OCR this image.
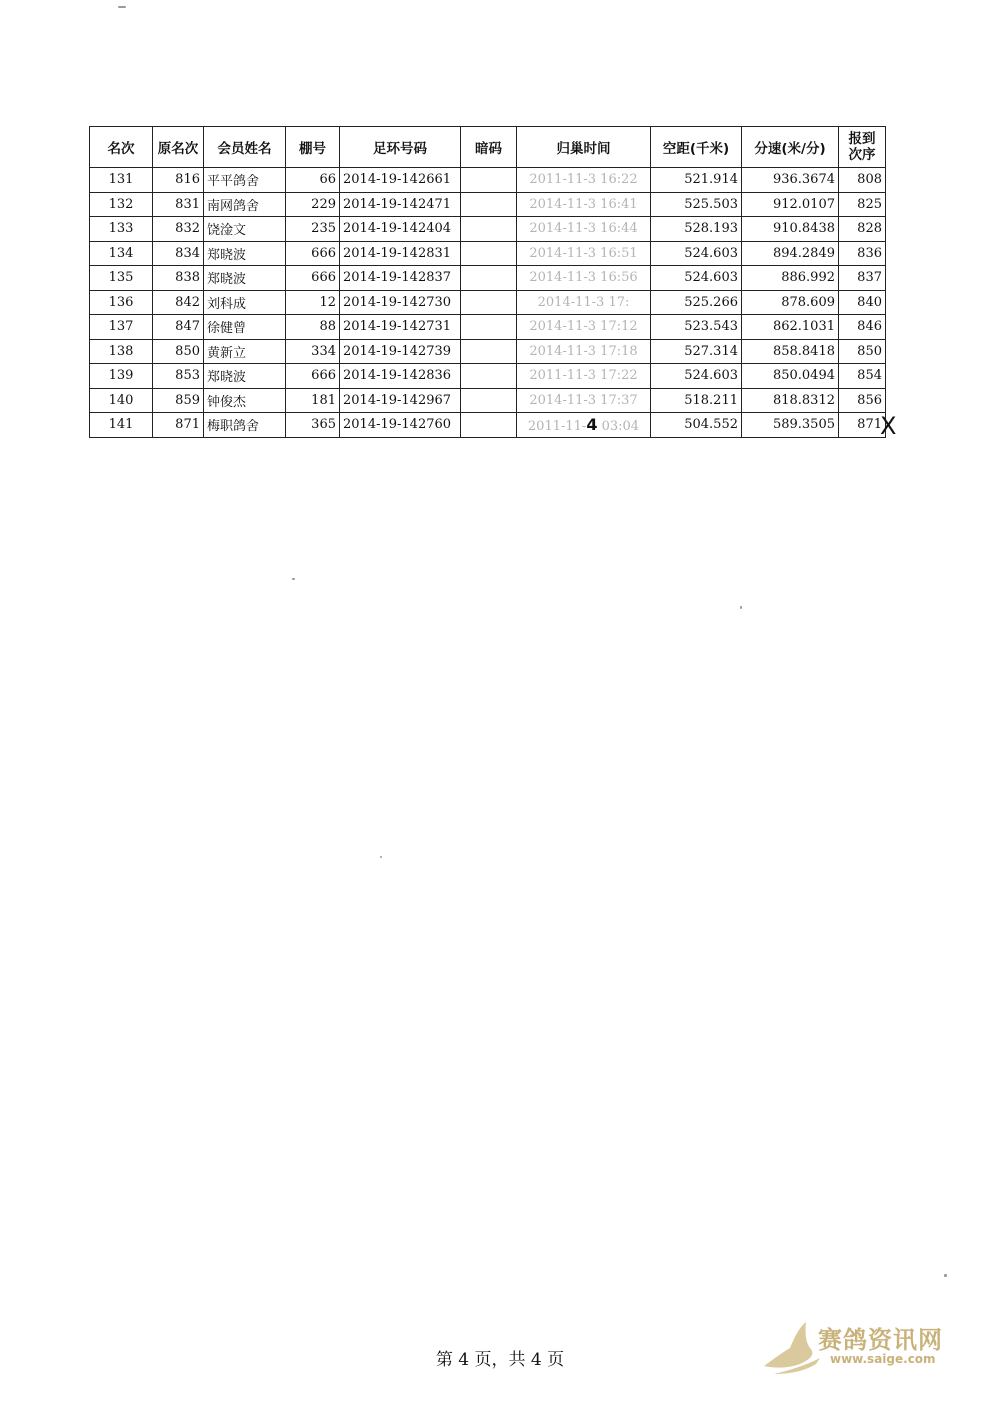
名次	原名次	会员姓名	棚号	足环号码	暗码	归巢时间	空距(千米)	分速(米/分)	报到
次序
131	816	平平鸽舍	66	2014-19-142661		2011-11-3 16:22	521.914	936.3674	808
132	831	南网鸽舍	229	2014-19-142471		2014-11-3 16:41	525.503	912.0107	825
133	832	饶淦文	235	2014-19-142404		2014-11-3 16:44	528.193	910.8438	828
134	834	郑晓波	666	2014-19-142831		2014-11-3 16:51	524.603	894.2849	836
135	838	郑晓波	666	2014-19-142837		2014-11-3 16:56	524.603	886.992	837
136	842	刘科成	12	2014-19-142730		2014-11-3 17:	525.266	878.609	840
137	847	徐健曾	88	2014-19-142731		2014-11-3 17:12	523.543	862.1031	846
138	850	黄新立	334	2014-19-142739		2014-11-3 17:18	527.314	858.8418	850
139	853	郑晓波	666	2014-19-142836		2011-11-3 17:22	524.603	850.0494	854
140	859	钟俊杰	181	2014-19-142967		2014-11-3 17:37	518.211	818.8312	856
141	871	梅职鸽舍	365	2014-19-142760		2011-11-4 03:04	504.552	589.3505	871
X
第 4 页，共 4 页
赛鸽资讯网
www.saige.com
